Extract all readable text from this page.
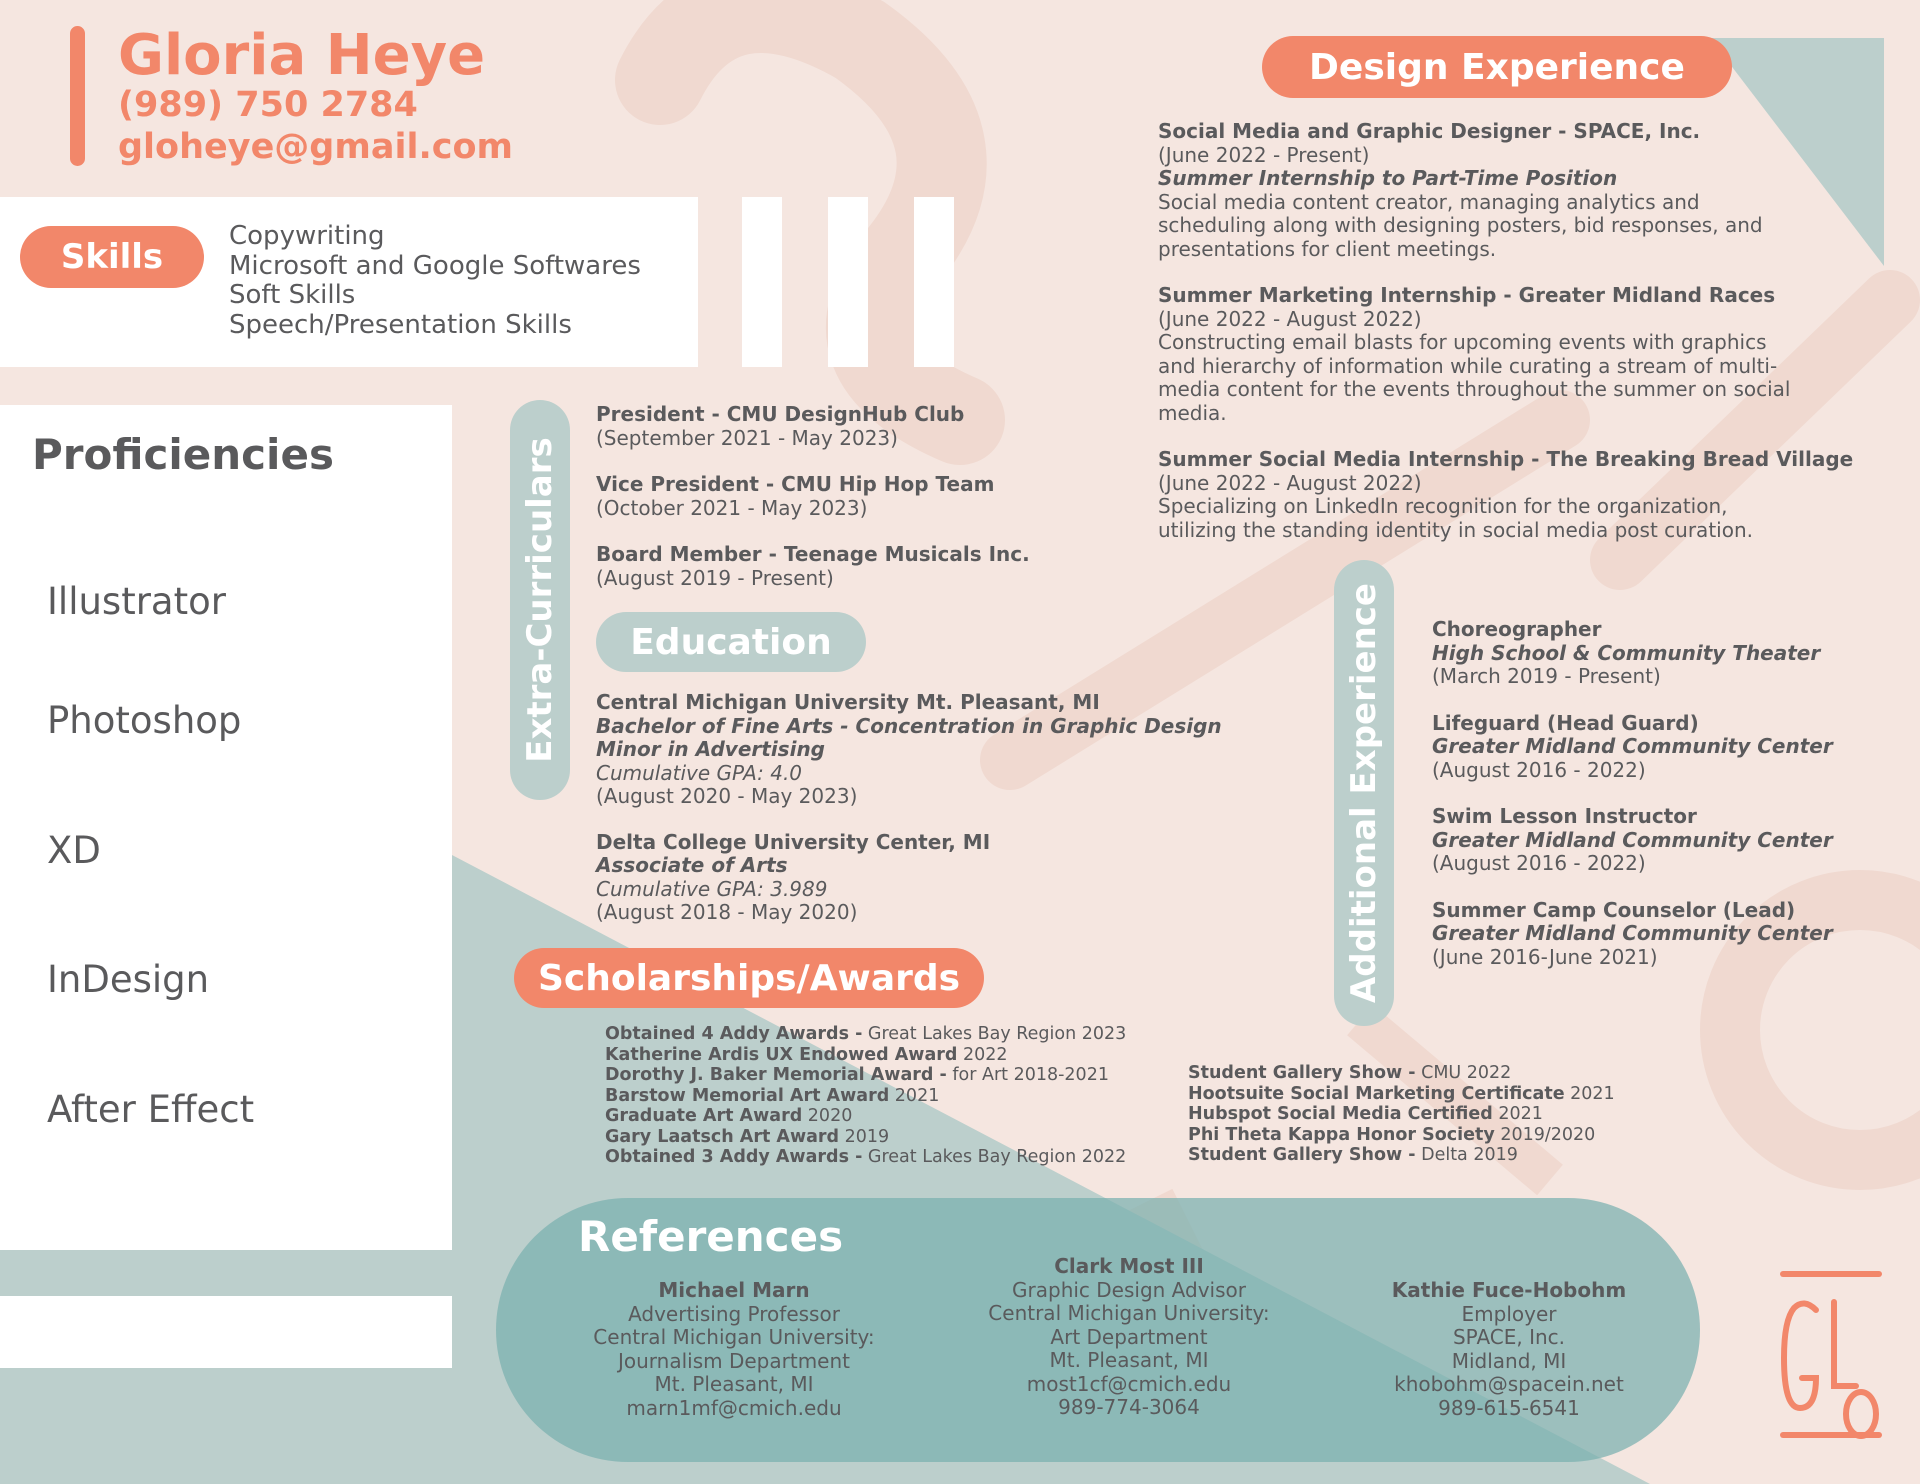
Gloria Heye
(989) 750 2784
gloheye@gmail.com
Skills
Copywriting
Microsoft and Google Softwares
Soft Skills
Speech/Presentation Skills
Proficiencies
Illustrator
Photoshop
XD
InDesign
After Effect
Extra-Curriculars
President - CMU DesignHub Club
(September 2021 - May 2023)
Vice President - CMU Hip Hop Team
(October 2021 - May 2023)
Board Member - Teenage Musicals Inc.
(August 2019 - Present)
Education
Central Michigan University Mt. Pleasant, MI
Bachelor of Fine Arts - Concentration in Graphic Design
Minor in Advertising
Cumulative GPA: 4.0
(August 2020 - May 2023)
Delta College University Center, MI
Associate of Arts
Cumulative GPA: 3.989
(August 2018 - May 2020)
Design Experience
Social Media and Graphic Designer - SPACE, Inc.
(June 2022 - Present)
Summer Internship to Part-Time Position
Social media content creator, managing analytics and
scheduling along with designing posters, bid responses, and
presentations for client meetings.
Summer Marketing Internship - Greater Midland Races
(June 2022 - August 2022)
Constructing email blasts for upcoming events with graphics
and hierarchy of information while curating a stream of multi-
media content for the events throughout the summer on social
media.
Summer Social Media Internship - The Breaking Bread Village
(June 2022 - August 2022)
Specializing on LinkedIn recognition for the organization,
utilizing the standing identity in social media post curation.
Additional Experience	Choreographer
High School & Community Theater
(March 2019 - Present)
Lifeguard (Head Guard)
Greater Midland Community Center
(August 2016 - 2022)
Swim Lesson Instructor
Greater Midland Community Center
(August 2016 - 2022)
Summer Camp Counselor (Lead)
Greater Midland Community Center
(June 2016-June 2021)
Scholarships/Awards
Obtained 4 Addy Awards - Great Lakes Bay Region 2023
Katherine Ardis UX Endowed Award 2022
Dorothy J. Baker Memorial Award - for Art 2018-2021
Barstow Memorial Art Award 2021
Graduate Art Award 2020
Gary Laatsch Art Award 2019
Obtained 3 Addy Awards - Great Lakes Bay Region 2022
Student Gallery Show - CMU 2022
Hootsuite Social Marketing Certificate 2021
Hubspot Social Media Certified 2021
Phi Theta Kappa Honor Society 2019/2020
Student Gallery Show - Delta 2019
References
Michael Marn
Advertising Professor
Central Michigan University:
Journalism Department
Mt. Pleasant, MI
marn1mf@cmich.edu
Clark Most III
Graphic Design Advisor
Central Michigan University:
Art Department
Mt. Pleasant, MI
most1cf@cmich.edu
989-774-3064
Kathie Fuce-Hobohm
Employer
SPACE, Inc.
Midland, MI
khobohm@spacein.net
989-615-6541
